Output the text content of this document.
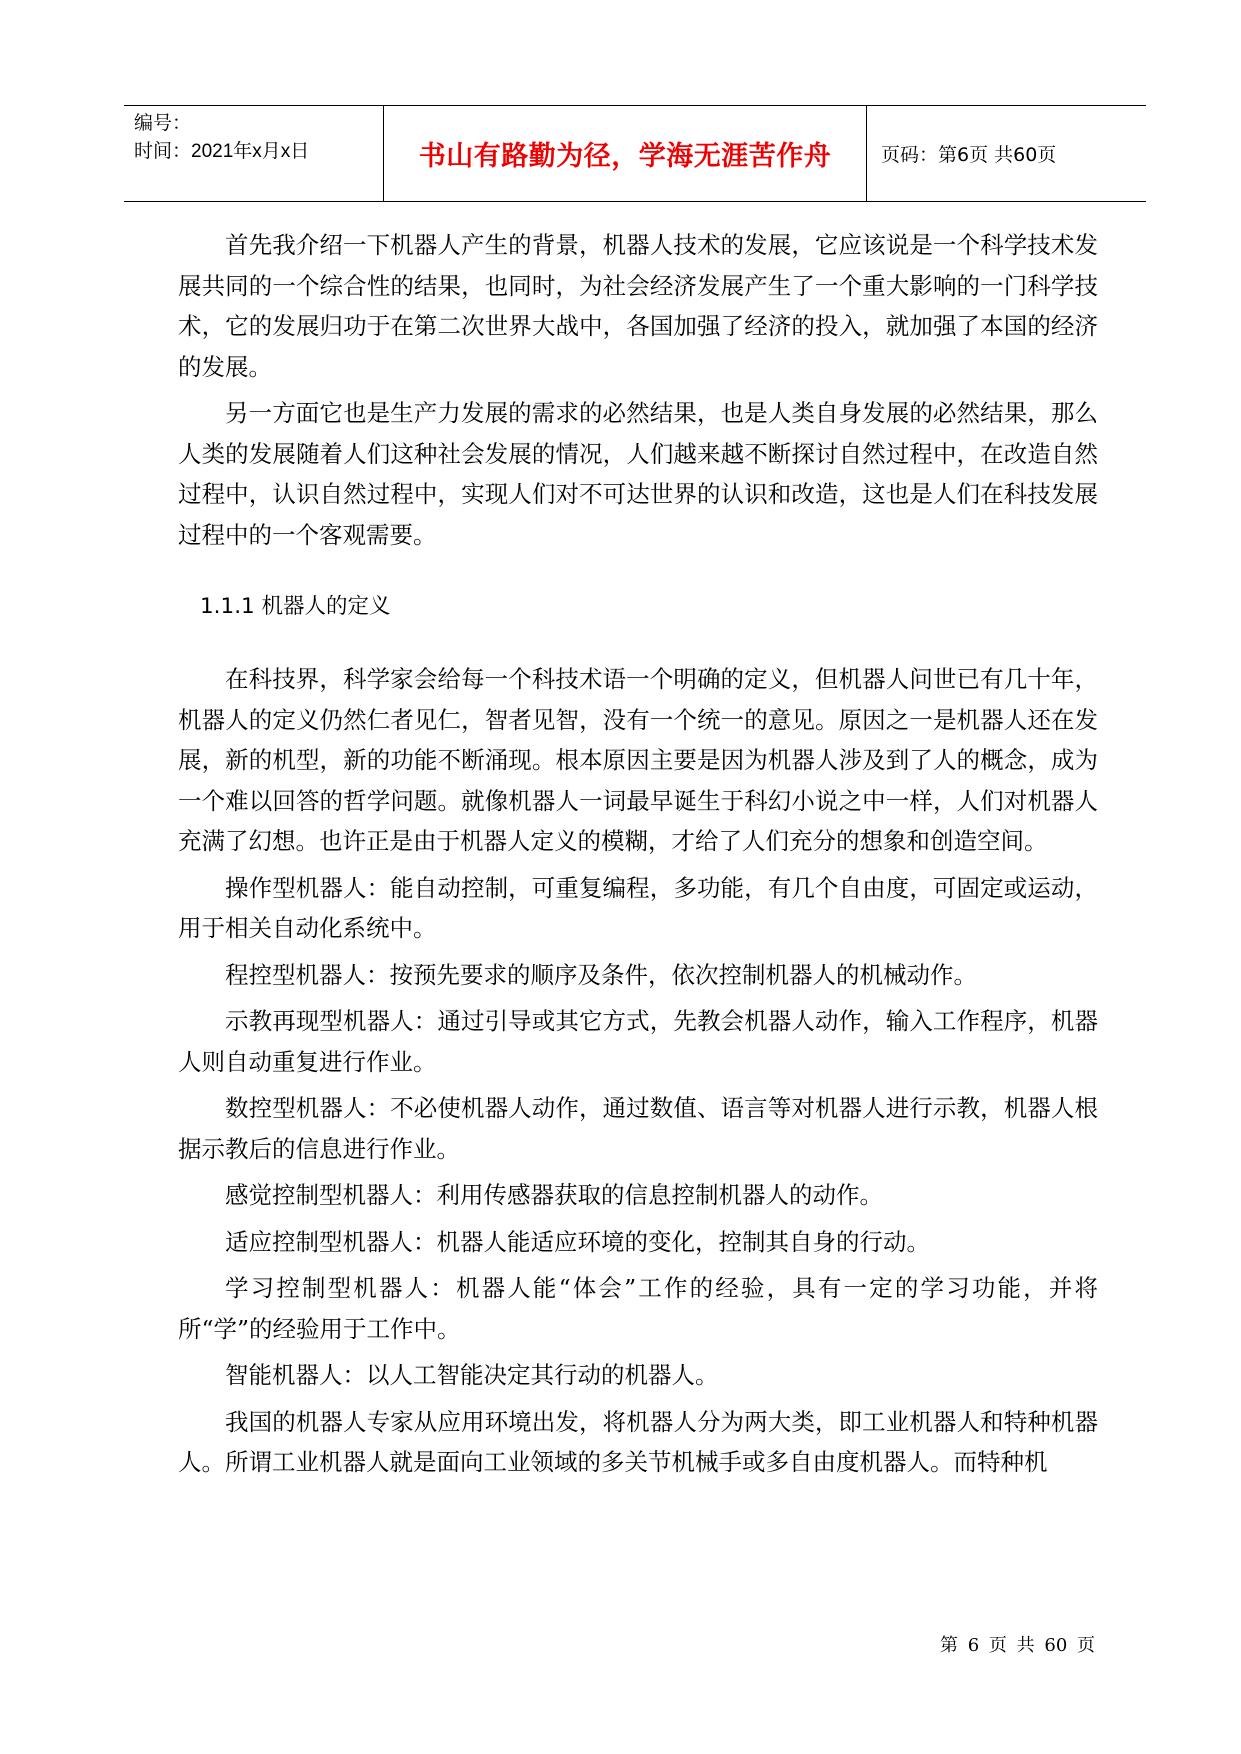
编号：
时间：2021年x月x日	书山有路勤为径，学海无涯苦作舟	页码：第6页 共60页

首先我介绍一下机器人产生的背景，机器人技术的发展，它应该说是一个科学技术发展共同的一个综合性的结果，也同时，为社会经济发展产生了一个重大影响的一门科学技术，它的发展归功于在第二次世界大战中，各国加强了经济的投入，就加强了本国的经济的发展。

另一方面它也是生产力发展的需求的必然结果，也是人类自身发展的必然结果，那么人类的发展随着人们这种社会发展的情况，人们越来越不断探讨自然过程中，在改造自然过程中，认识自然过程中，实现人们对不可达世界的认识和改造，这也是人们在科技发展过程中的一个客观需要。

1.1.1 机器人的定义

在科技界，科学家会给每一个科技术语一个明确的定义，但机器人问世已有几十年，机器人的定义仍然仁者见仁，智者见智，没有一个统一的意见。原因之一是机器人还在发展，新的机型，新的功能不断涌现。根本原因主要是因为机器人涉及到了人的概念，成为一个难以回答的哲学问题。就像机器人一词最早诞生于科幻小说之中一样，人们对机器人充满了幻想。也许正是由于机器人定义的模糊，才给了人们充分的想象和创造空间。

操作型机器人：能自动控制，可重复编程，多功能，有几个自由度，可固定或运动，用于相关自动化系统中。

程控型机器人：按预先要求的顺序及条件，依次控制机器人的机械动作。

示教再现型机器人：通过引导或其它方式，先教会机器人动作，输入工作程序，机器人则自动重复进行作业。

数控型机器人：不必使机器人动作，通过数值、语言等对机器人进行示教，机器人根据示教后的信息进行作业。

感觉控制型机器人：利用传感器获取的信息控制机器人的动作。

适应控制型机器人：机器人能适应环境的变化，控制其自身的行动。

学习控制型机器人：机器人能“体会”工作的经验，具有一定的学习功能，并将所“学”的经验用于工作中。

智能机器人：以人工智能决定其行动的机器人。

我国的机器人专家从应用环境出发，将机器人分为两大类，即工业机器人和特种机器人。所谓工业机器人就是面向工业领域的多关节机械手或多自由度机器人。而特种机

第 6 页 共 60 页
